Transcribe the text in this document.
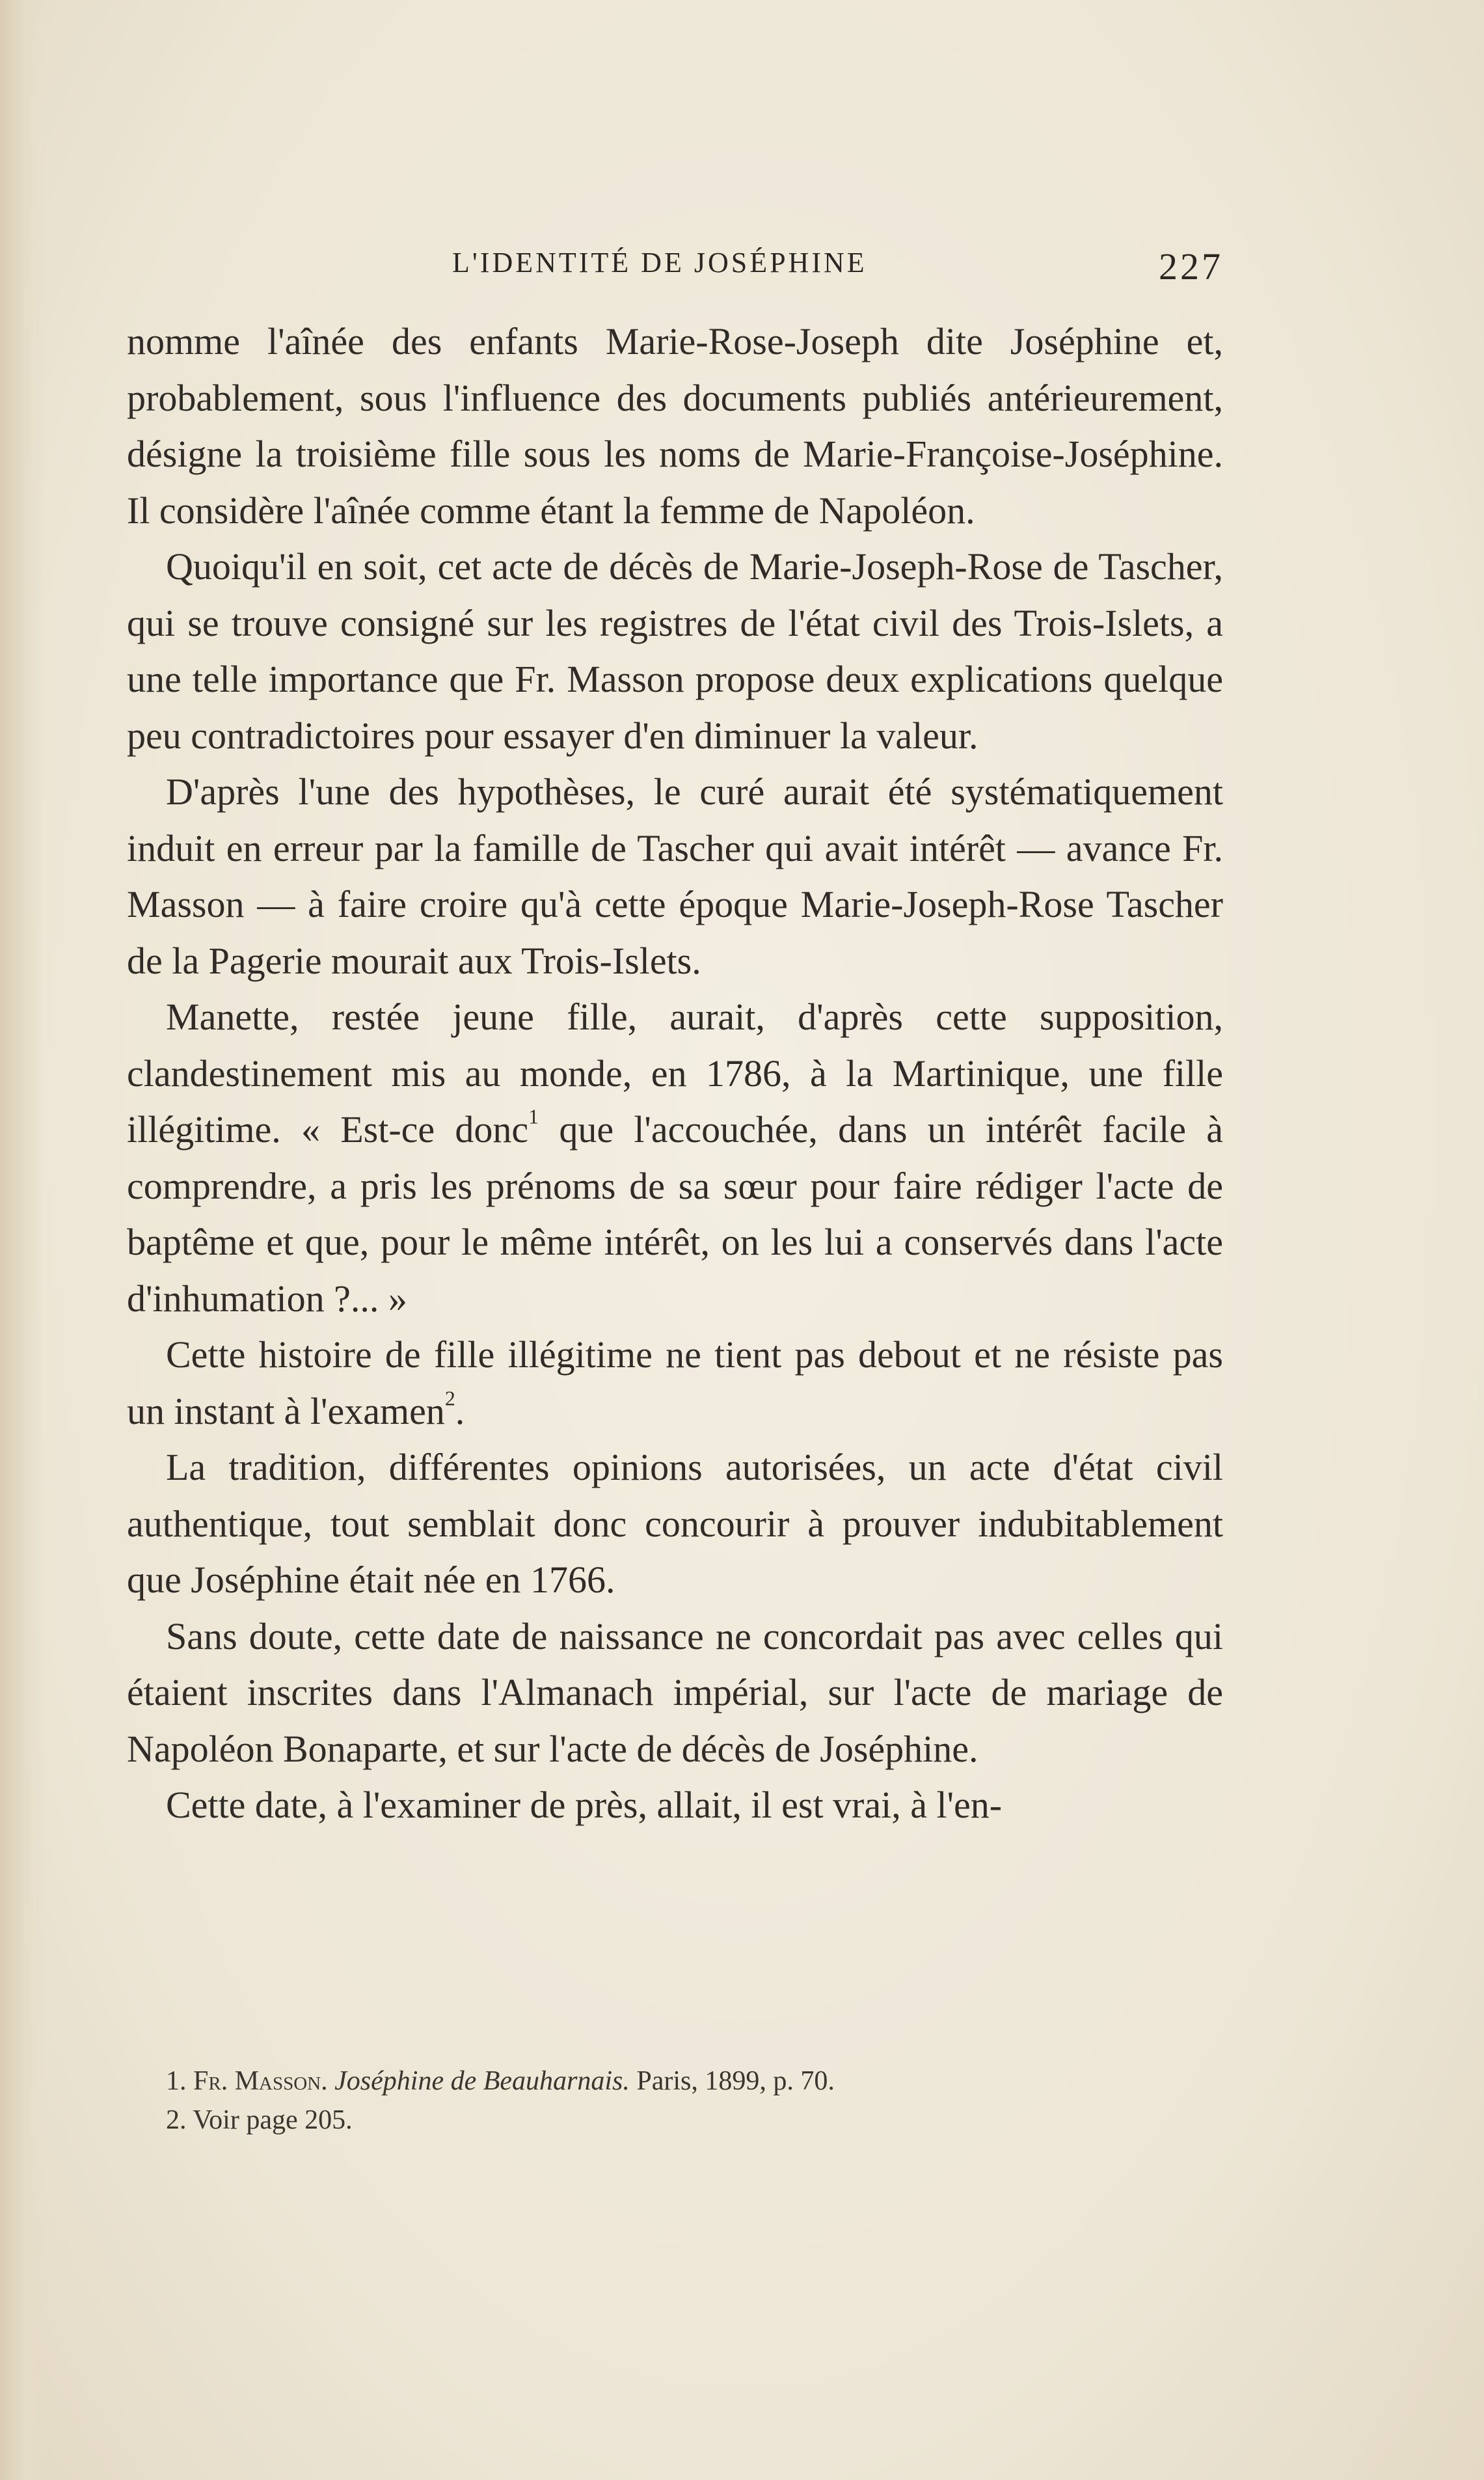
L'IDENTITÉ DE JOSÉPHINE	227

nomme l'aînée des enfants Marie-Rose-Joseph dite Joséphine et, probablement, sous l'influence des documents publiés antérieurement, désigne la troisième fille sous les noms de Marie-Françoise-Joséphine. Il considère l'aînée comme étant la femme de Napoléon.

Quoiqu'il en soit, cet acte de décès de Marie-Joseph-Rose de Tascher, qui se trouve consigné sur les registres de l'état civil des Trois-Islets, a une telle importance que Fr. Masson propose deux explications quelque peu contradictoires pour essayer d'en diminuer la valeur.

D'après l'une des hypothèses, le curé aurait été systématiquement induit en erreur par la famille de Tascher qui avait intérêt — avance Fr. Masson — à faire croire qu'à cette époque Marie-Joseph-Rose Tascher de la Pagerie mourait aux Trois-Islets.

Manette, restée jeune fille, aurait, d'après cette supposition, clandestinement mis au monde, en 1786, à la Martinique, une fille illégitime. « Est-ce donc$^1$ que l'accouchée, dans un intérêt facile à comprendre, a pris les prénoms de sa sœur pour faire rédiger l'acte de baptême et que, pour le même intérêt, on les lui a conservés dans l'acte d'inhumation ?... »

Cette histoire de fille illégitime ne tient pas debout et ne résiste pas un instant à l'examen$^2$.

La tradition, différentes opinions autorisées, un acte d'état civil authentique, tout semblait donc concourir à prouver indubitablement que Joséphine était née en 1766.

Sans doute, cette date de naissance ne concordait pas avec celles qui étaient inscrites dans l'Almanach impérial, sur l'acte de mariage de Napoléon Bonaparte, et sur l'acte de décès de Joséphine.

Cette date, à l'examiner de près, allait, il est vrai, à l'en-

1. Fr. Masson. Joséphine de Beauharnais. Paris, 1899, p. 70.

2. Voir page 205.
